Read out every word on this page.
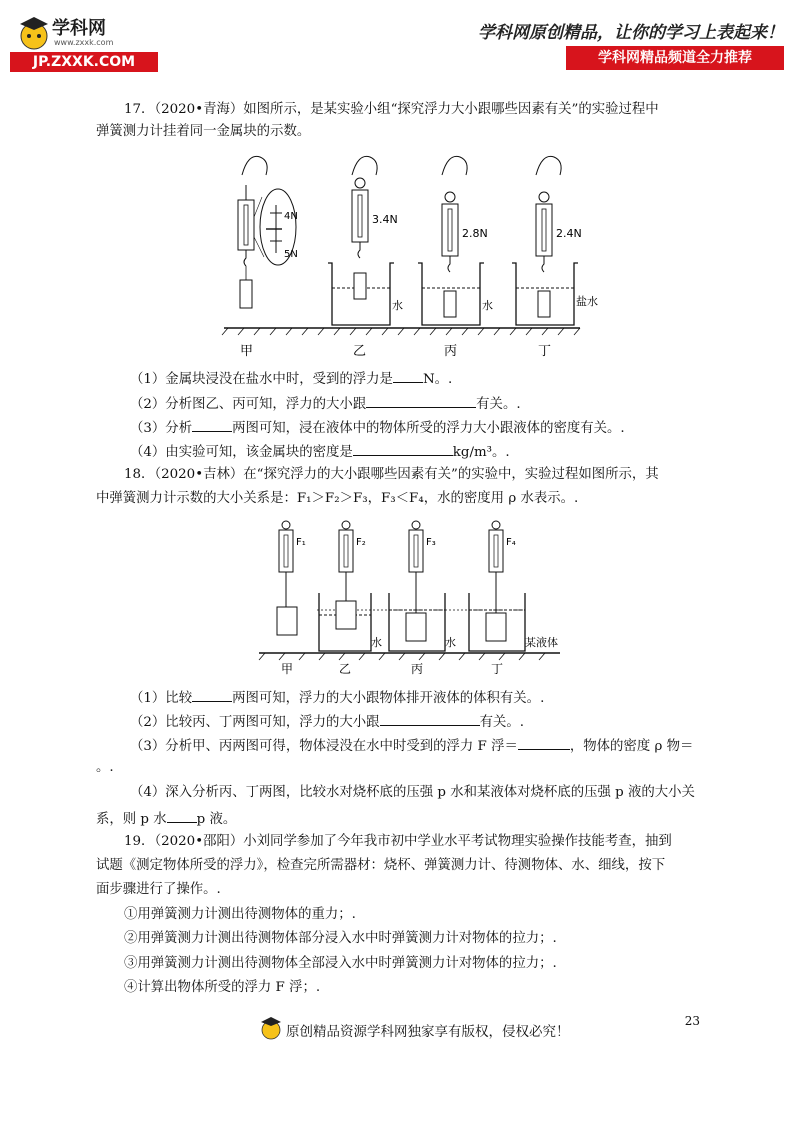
学科网
www.zxxk.com
JP.ZXXK.COM
学科网原创精品，让你的学习上表起来！
学科网精品频道全力推荐
17．（2020•青海）如图所示，是某实验小组“探究浮力大小跟哪些因素有关”的实验过程中
弹簧测力计挂着同一金属块的示数。
4N
5N
3.4N
水
2.8N
水
2.4N
盐水
甲	乙	丙	丁
（1）金属块浸没在盐水中时，受到的浮力是 N。.
（2）分析图乙、丙可知，浮力的大小跟	有关。.
（3）分析	两图可知，浸在液体中的物体所受的浮力大小跟液体的密度有关。.
（4）由实验可知，该金属块的密度是	kg/m³。.
18．（2020•吉林）在“探究浮力的大小跟哪些因素有关”的实验中，实验过程如图所示，其
中弹簧测力计示数的大小关系是：F₁＞F₂＞F₃，F₃＜F₄，水的密度用 ρ 水表示。.
F₁	F₂
水
F₃
水
F₄
某液体
甲	乙	丙	丁
（1）比较	两图可知，浮力的大小跟物体排开液体的体积有关。.
（2）比较丙、丁两图可知，浮力的大小跟	有关。.
（3）分析甲、丙两图可得，物体浸没在水中时受到的浮力 F 浮＝	，物体的密度 ρ 物＝
。.
（4）深入分析丙、丁两图，比较水对烧杯底的压强 p 水和某液体对烧杯底的压强 p 液的大小关
系，则 p 水 p 液。
19．（2020•邵阳）小刘同学参加了今年我市初中学业水平考试物理实验操作技能考查，抽到
试题《测定物体所受的浮力》，检查完所需器材：烧杯、弹簧测力计、待测物体、水、细线，按下
面步骤进行了操作。.
①用弹簧测力计测出待测物体的重力；.
②用弹簧测力计测出待测物体部分浸入水中时弹簧测力计对物体的拉力；.
③用弹簧测力计测出待测物体全部浸入水中时弹簧测力计对物体的拉力；.
④计算出物体所受的浮力 F 浮；.
23
原创精品资源学科网独家享有版权，侵权必究！
